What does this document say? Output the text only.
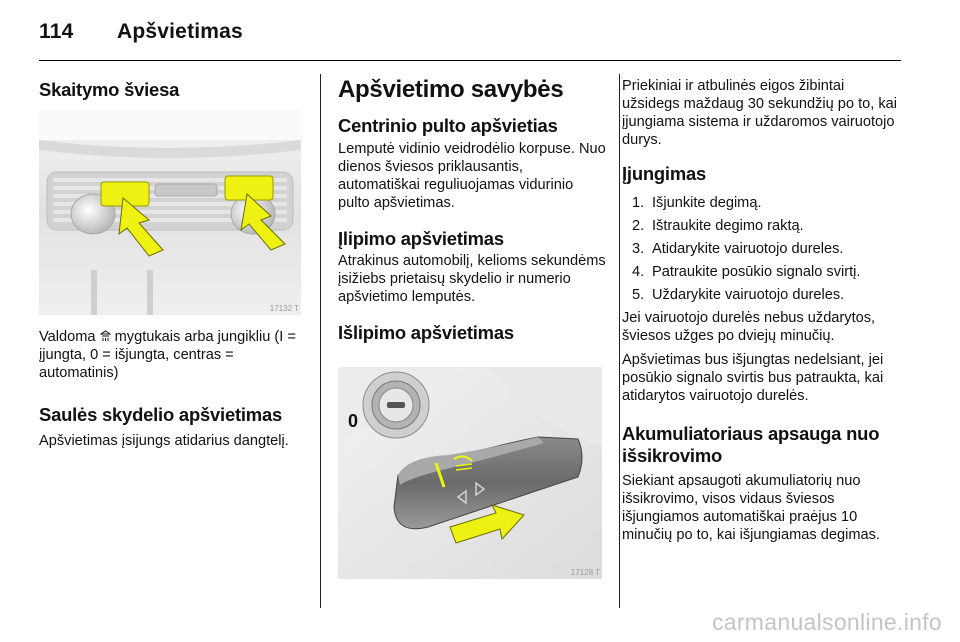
114 Apšvietimas
Skaitymo šviesa
17132 T

Valdoma  mygtukais arba jungikliu (I = įjungta, 0 = išjungta, centras = automatinis)

Saulės skydelio apšvietimas

Apšvietimas įsijungs atidarius dangtelį.

Apšvietimo savybės
Centrinio pulto apšvietias

Lemputė vidinio veidrodėlio korpuse. Nuo dienos šviesos priklausantis, automatiškai reguliuojamas vidurinio pulto apšvietimas.

Įlipimo apšvietimas

Atrakinus automobilį, kelioms sekundėms įsižiebs prietaisų skydelio ir numerio apšvietimo lemputės.

Išlipimo apšvietimas
0
17128 T

Priekiniai ir atbulinės eigos žibintai užsidegs maždaug 30 sekundžių po to, kai įjungiama sistema ir uždaromos vairuotojo durys.

Įjungimas
1. Išjunkite degimą.
2. Ištraukite degimo raktą.
3. Atidarykite vairuotojo dureles.
4. Patraukite posūkio signalo svirtį.
5. Uždarykite vairuotojo dureles.

Jei vairuotojo durelės nebus uždarytos, šviesos užges po dviejų minučių.

Apšvietimas bus išjungtas nedelsiant, jei posūkio signalo svirtis bus patraukta, kai atidarytos vairuotojo durelės.

Akumuliatoriaus apsauga nuo išsikrovimo

Siekiant apsaugoti akumuliatorių nuo išsikrovimo, visos vidaus šviesos išjungiamos automatiškai praėjus 10 minučių po to, kai išjungiamas degimas.

carmanualsonline.info
